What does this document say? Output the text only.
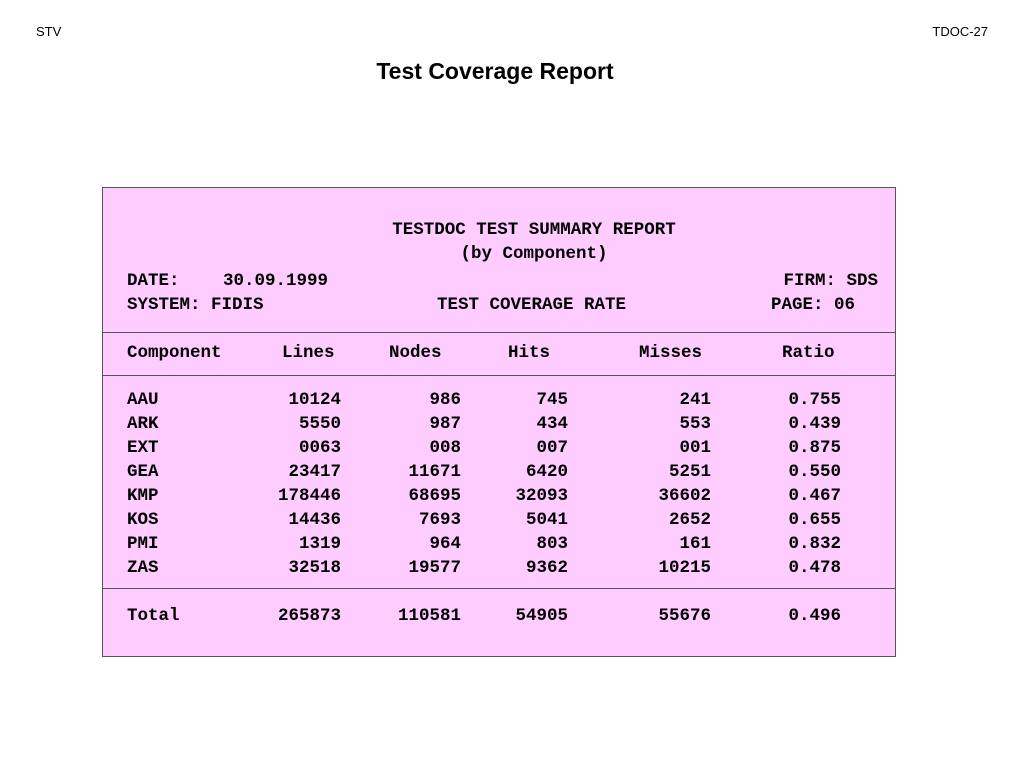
STV	TDOC-27
Test Coverage Report
TESTDOC TEST SUMMARY REPORT
(by Component)
DATE: 30.09.1999	FIRM: SDS
SYSTEM: FIDIS	TEST COVERAGE RATE	PAGE: 06
Component	Lines	Nodes	Hits	Misses	Ratio
AAU	10124	986	745	241	0.755
ARK	5550	987	434	553	0.439
EXT	0063	008	007	001	0.875
GEA	23417	11671	6420	5251	0.550
KMP	178446	68695	32093	36602	0.467
KOS	14436	7693	5041	2652	0.655
PMI	1319	964	803	161	0.832
ZAS	32518	19577	9362	10215	0.478
Total	265873	110581	54905	55676	0.496
